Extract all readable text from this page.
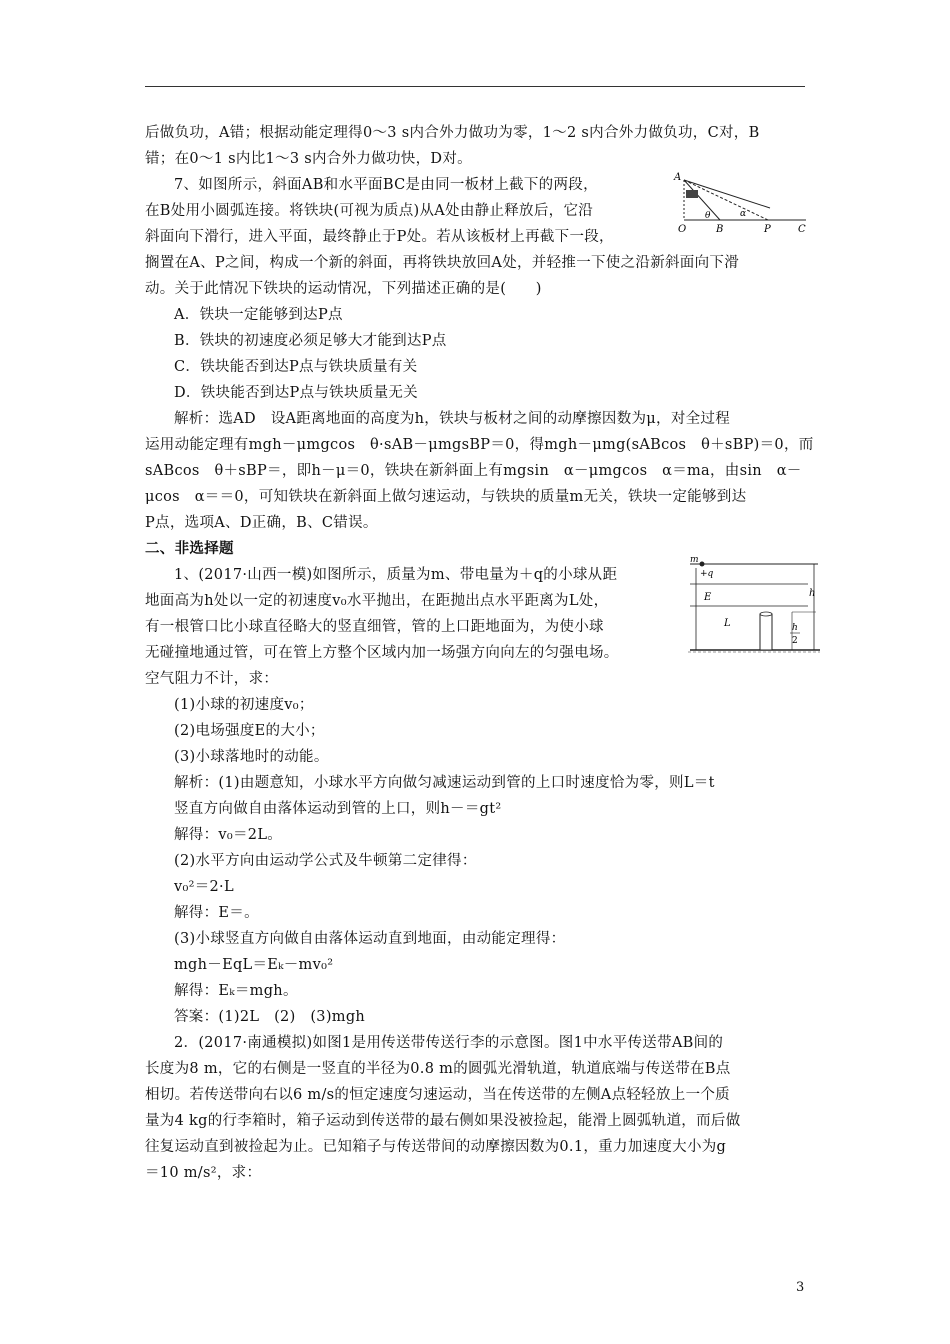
后做负功，A错；根据动能定理得0～3 s内合外力做功为零，1～2 s内合外力做负功，C对，B
错；在0～1 s内比1～3 s内合外力做功快，D对。
7、如图所示，斜面AB和水平面BC是由同一板材上截下的两段，
在B处用小圆弧连接。将铁块(可视为质点)从A处由静止释放后，它沿
斜面向下滑行，进入平面，最终静止于P处。若从该板材上再截下一段，
搁置在A、P之间，构成一个新的斜面，再将铁块放回A处，并轻推一下使之沿新斜面向下滑
动。关于此情况下铁块的运动情况，下列描述正确的是(　　)
A．铁块一定能够到达P点
B．铁块的初速度必须足够大才能到达P点
C．铁块能否到达P点与铁块质量有关
D．铁块能否到达P点与铁块质量无关
解析：选AD　设A距离地面的高度为h，铁块与板材之间的动摩擦因数为μ，对全过程
运用动能定理有mgh－μmgcos　θ·sAB－μmgsBP＝0，得mgh－μmg(sABcos　θ＋sBP)＝0，而
sABcos　θ＋sBP＝，即h－μ＝0，铁块在新斜面上有mgsin　α－μmgcos　α＝ma，由sin　α－
μcos　α＝＝0，可知铁块在新斜面上做匀速运动，与铁块的质量m无关，铁块一定能够到达
P点，选项A、D正确，B、C错误。
二、非选择题
1、(2017·山西一模)如图所示，质量为m、带电量为＋q的小球从距
地面高为h处以一定的初速度v₀水平抛出，在距抛出点水平距离为L处，
有一根管口比小球直径略大的竖直细管，管的上口距地面为，为使小球
无碰撞地通过管，可在管上方整个区域内加一场强方向向左的匀强电场。
空气阻力不计，求：
(1)小球的初速度v₀；
(2)电场强度E的大小；
(3)小球落地时的动能。
解析：(1)由题意知，小球水平方向做匀减速运动到管的上口时速度恰为零，则L＝t
竖直方向做自由落体运动到管的上口，则h－＝gt²
解得：v₀＝2L。
(2)水平方向由运动学公式及牛顿第二定律得：
v₀²＝2·L
解得：E＝。
(3)小球竖直方向做自由落体运动直到地面，由动能定理得：
mgh－EqL＝Eₖ－mv₀²
解得：Eₖ＝mgh。
答案：(1)2L　(2)　(3)mgh
2．(2017·南通模拟)如图1是用传送带传送行李的示意图。图1中水平传送带AB间的
长度为8 m，它的右侧是一竖直的半径为0.8 m的圆弧光滑轨道，轨道底端与传送带在B点
相切。若传送带向右以6 m/s的恒定速度匀速运动，当在传送带的左侧A点轻轻放上一个质
量为4 kg的行李箱时，箱子运动到传送带的最右侧如果没被捡起，能滑上圆弧轨道，而后做
往复运动直到被捡起为止。已知箱子与传送带间的动摩擦因数为0.1，重力加速度大小为g
＝10 m/s²，求：
A
O	B	P	C
θ	α
m
+q
E
L
h
h
2
3
